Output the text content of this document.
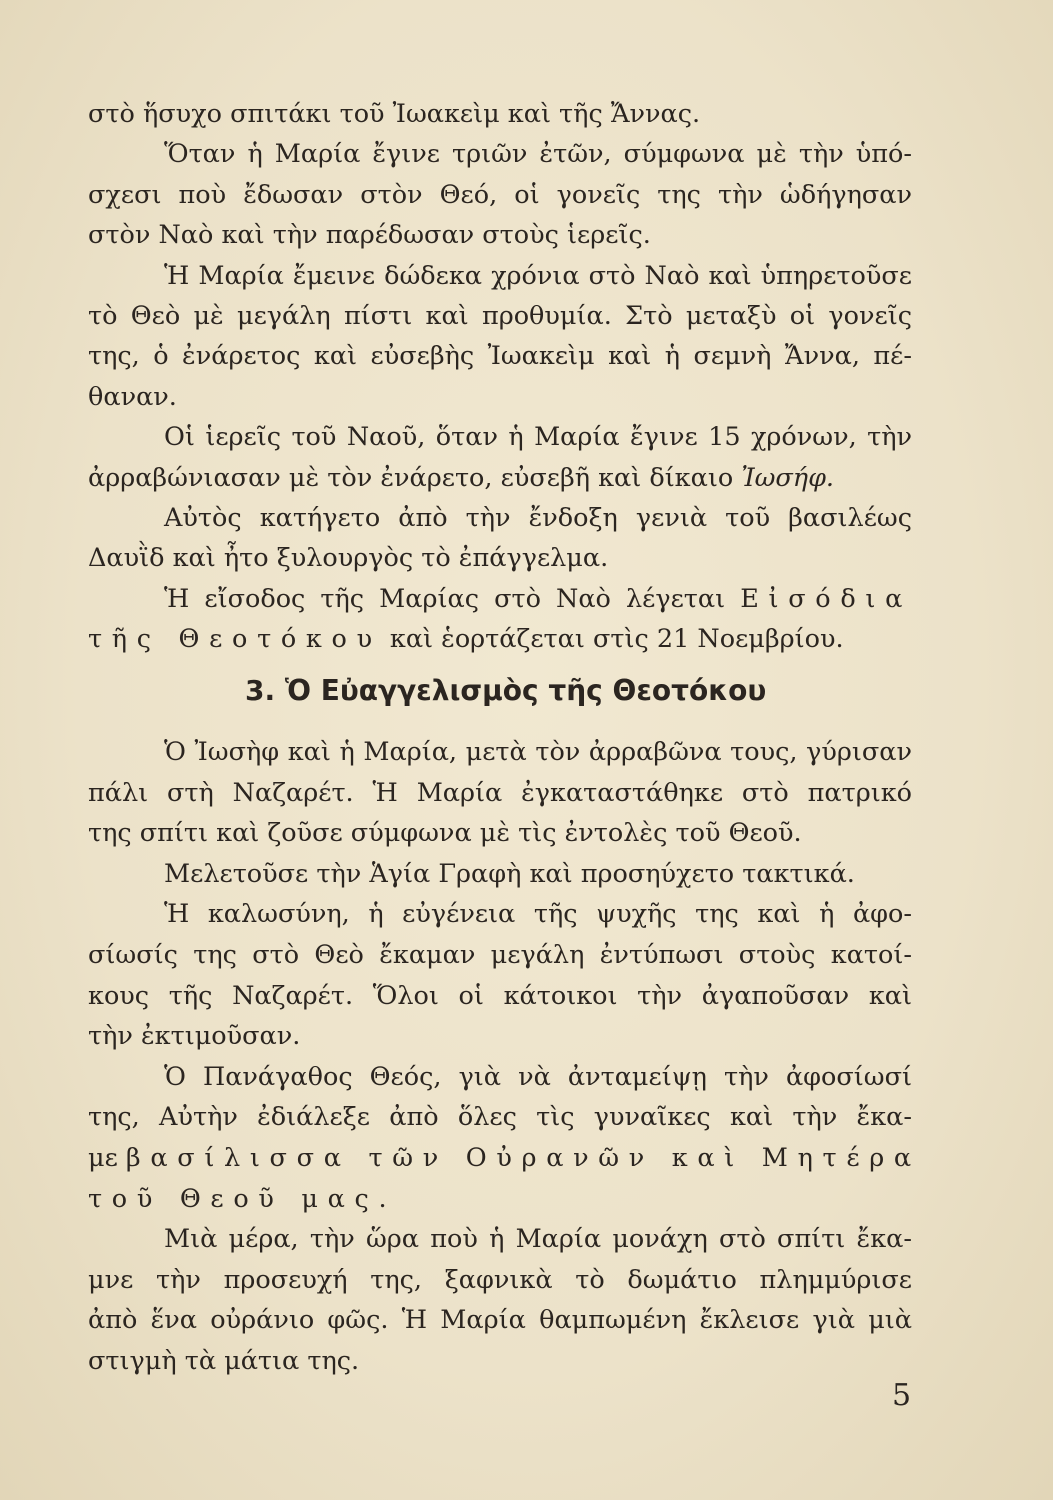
στὸ ἥσυχο σπιτάκι τοῦ Ἰωακεὶμ καὶ τῆς Ἄννας.
Ὅταν ἡ Μαρία ἔγινε τριῶν ἐτῶν, σύμφωνα μὲ τὴν ὑπό-
σχεσι ποὺ ἔδωσαν στὸν Θεό, οἱ γονεῖς της τὴν ὡδήγησαν
στὸν Ναὸ καὶ τὴν παρέδωσαν στοὺς ἱερεῖς.
Ἡ Μαρία ἔμεινε δώδεκα χρόνια στὸ Ναὸ καὶ ὑπηρετοῦσε
τὸ Θεὸ μὲ μεγάλη πίστι καὶ προθυμία. Στὸ μεταξὺ οἱ γονεῖς
της, ὁ ἐνάρετος καὶ εὐσεβὴς Ἰωακεὶμ καὶ ἡ σεμνὴ Ἄννα, πέ-
θαναν.
Οἱ ἱερεῖς τοῦ Ναοῦ, ὅταν ἡ Μαρία ἔγινε 15 χρόνων, τὴν
ἀρραβώνιασαν μὲ τὸν ἐνάρετο, εὐσεβῆ καὶ δίκαιο Ἰωσήφ.
Αὐτὸς κατήγετο ἀπὸ τὴν ἔνδοξη γενιὰ τοῦ βασιλέως
Δαυῒδ καὶ ἦτο ξυλουργὸς τὸ ἐπάγγελμα.
Ἡ εἴσοδος τῆς Μαρίας στὸ Ναὸ λέγεται Εἰσόδια
τῆς Θεοτόκου καὶ ἑορτάζεται στὶς 21 Νοεμβρίου.
3. Ὁ Εὐαγγελισμὸς τῆς Θεοτόκου
Ὁ Ἰωσὴφ καὶ ἡ Μαρία, μετὰ τὸν ἀρραβῶνα τους, γύρισαν
πάλι στὴ Ναζαρέτ. Ἡ Μαρία ἐγκαταστάθηκε στὸ πατρικό
της σπίτι καὶ ζοῦσε σύμφωνα μὲ τὶς ἐντολὲς τοῦ Θεοῦ.
Μελετοῦσε τὴν Ἁγία Γραφὴ καὶ προσηύχετο τακτικά.
Ἡ καλωσύνη, ἡ εὐγένεια τῆς ψυχῆς της καὶ ἡ ἀφο-
σίωσίς της στὸ Θεὸ ἔκαμαν μεγάλη ἐντύπωσι στοὺς κατοί-
κους τῆς Ναζαρέτ. Ὅλοι οἱ κάτοικοι τὴν ἀγαποῦσαν καὶ
τὴν ἐκτιμοῦσαν.
Ὁ Πανάγαθος Θεός, γιὰ νὰ ἀνταμείψῃ τὴν ἀφοσίωσί
της, Αὐτὴν ἐδιάλεξε ἀπὸ ὅλες τὶς γυναῖκες καὶ τὴν ἔκα-
με βασίλισσα τῶν Οὐρανῶν καὶ Μητέρα
τοῦ Θεοῦ μας.
Μιὰ μέρα, τὴν ὥρα ποὺ ἡ Μαρία μονάχη στὸ σπίτι ἔκα-
μνε τὴν προσευχή της, ξαφνικὰ τὸ δωμάτιο πλημμύρισε
ἀπὸ ἕνα οὐράνιο φῶς. Ἡ Μαρία θαμπωμένη ἔκλεισε γιὰ μιὰ
στιγμὴ τὰ μάτια της.
5
